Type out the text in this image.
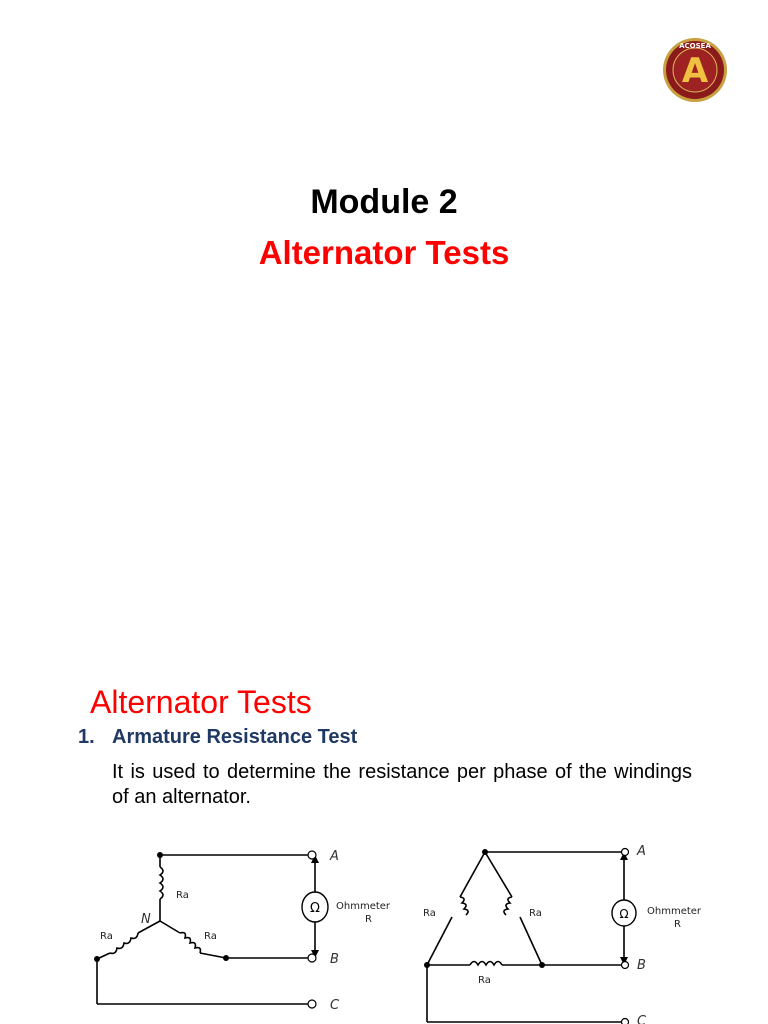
A
ACOSEA
Module 2
Alternator Tests
Alternator Tests
1. Armature Resistance Test
It is used to determine the resistance per phase of the windings of an alternator.
Ω
Ra
N
Ra	Ra
Ohmmeter
R
A
B
C
Ω
Ra	Ra
Ra
Ohmmeter
R
A
B
C
